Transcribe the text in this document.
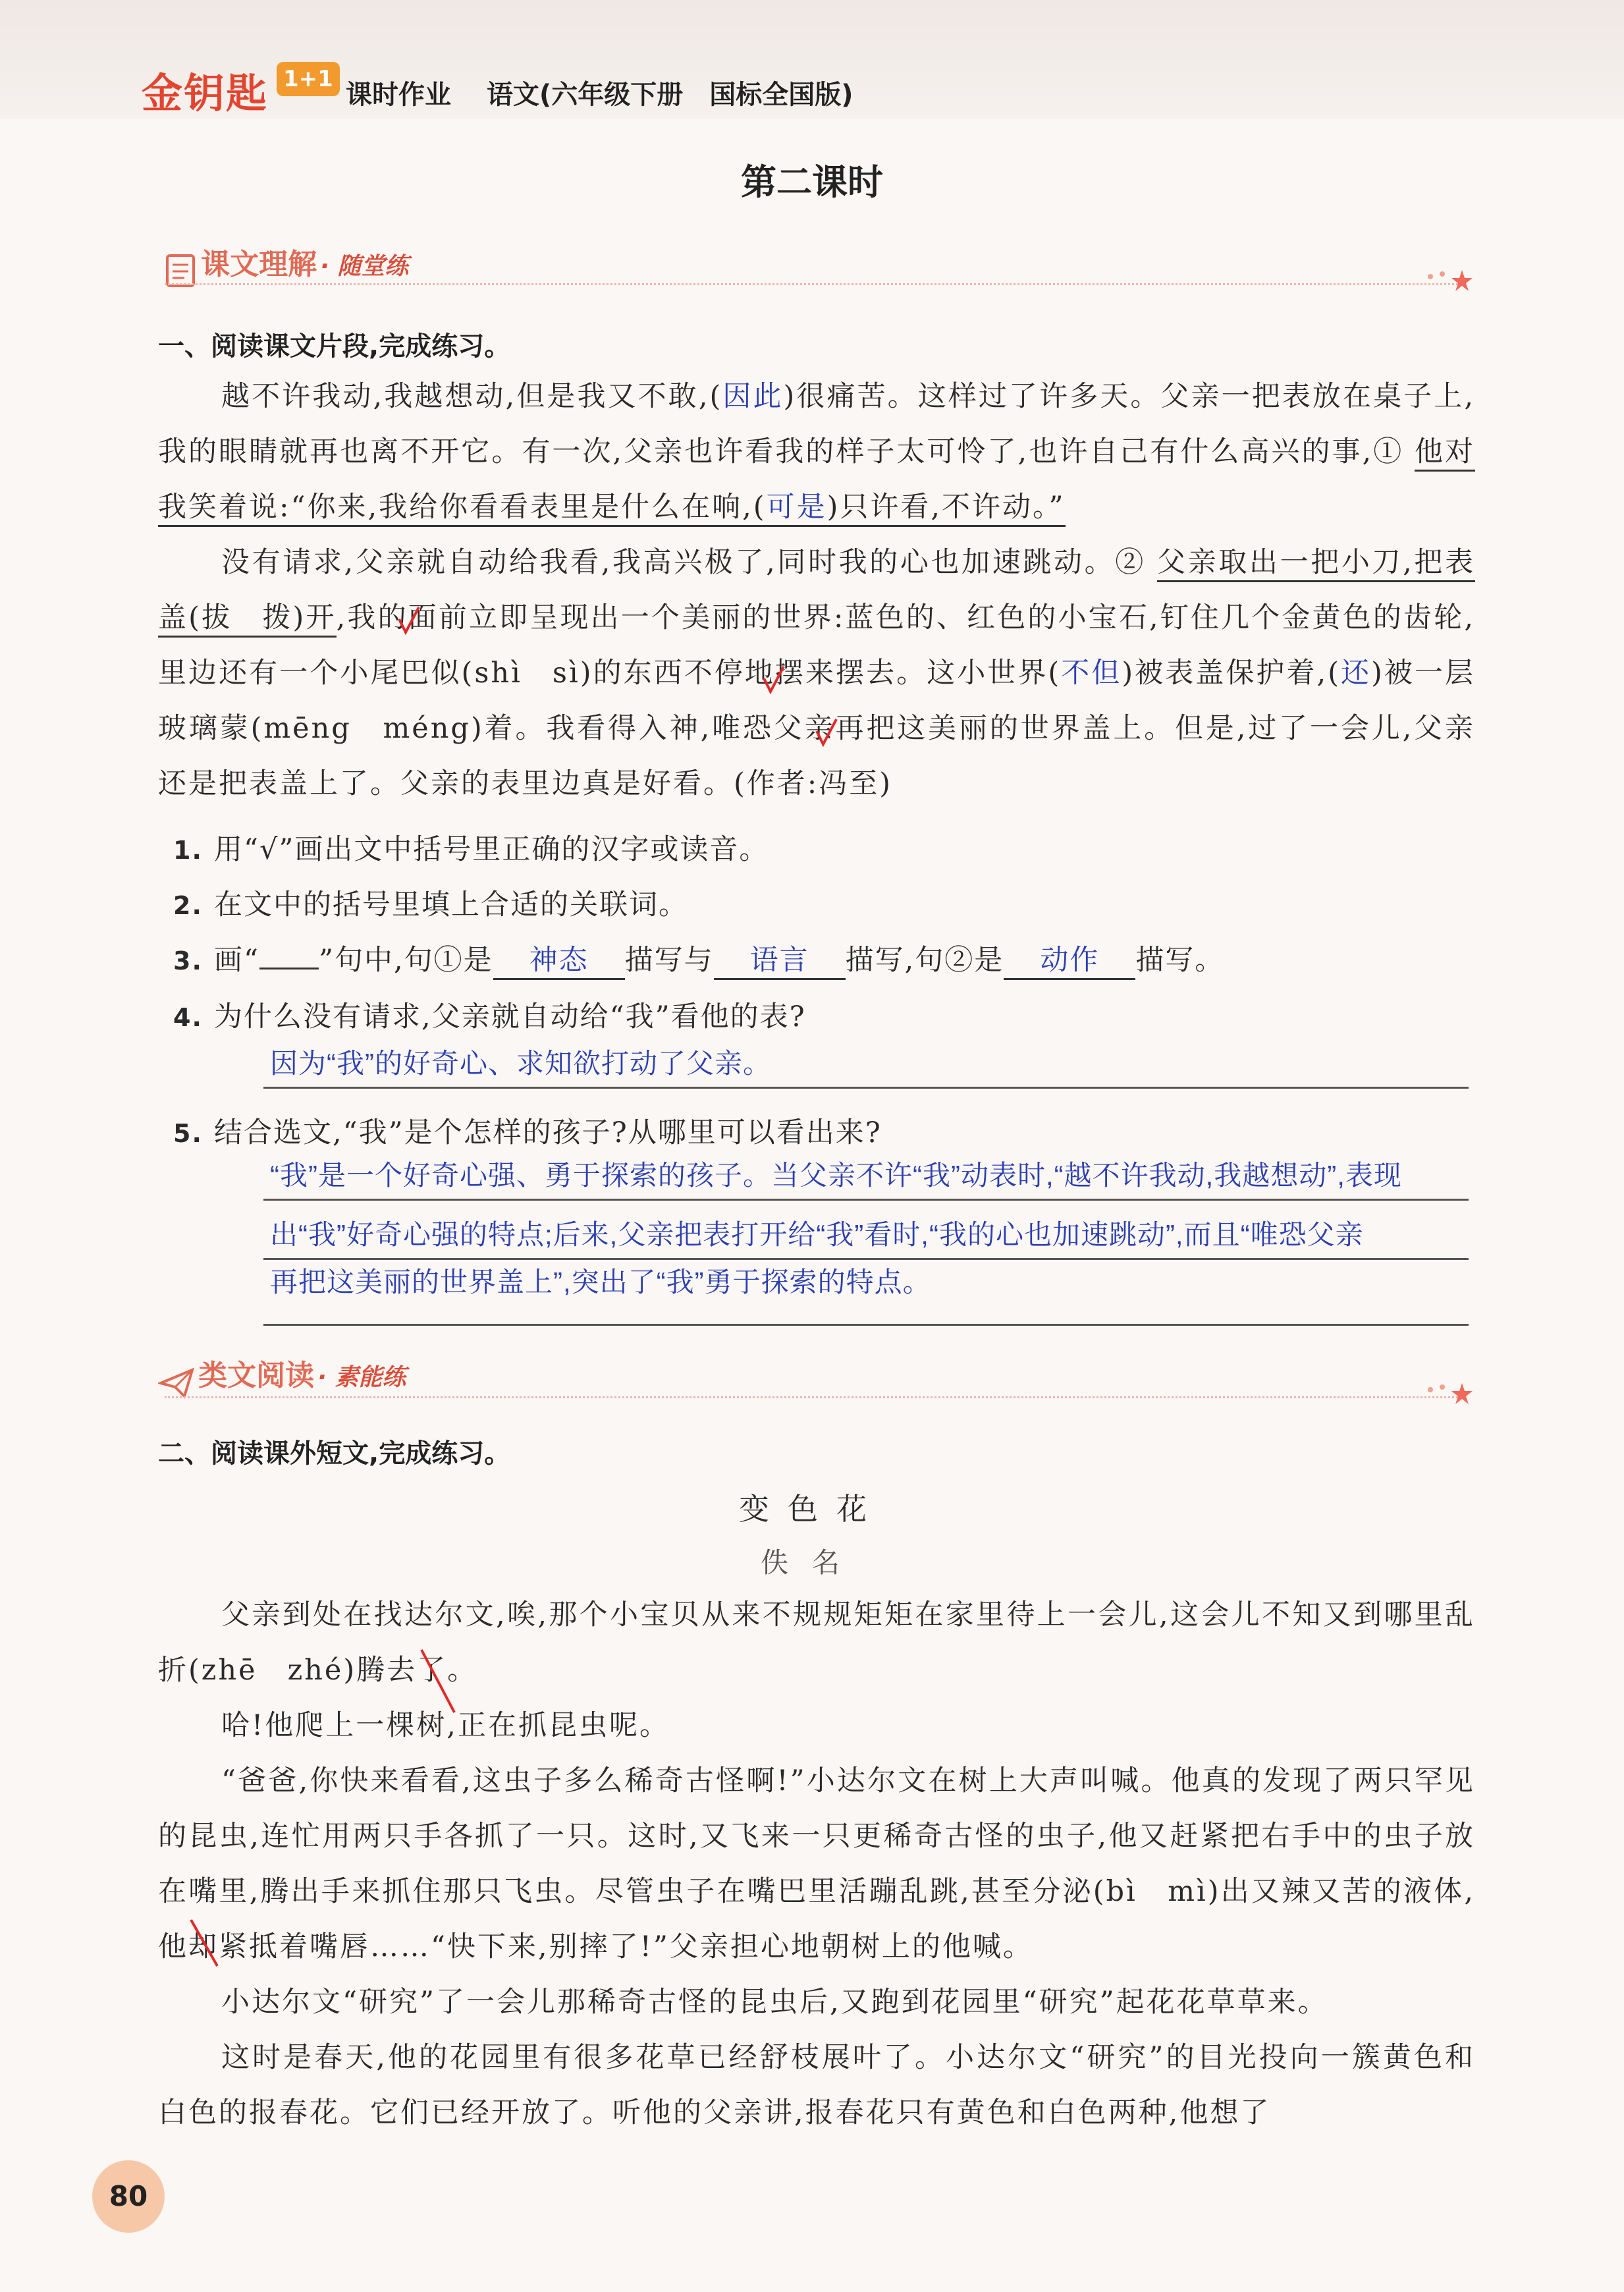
金钥匙 1+1
课时作业　 语文(六年级下册　国标全国版)
第二课时
课文理解 · 随堂练
一、阅读课文片段,完成练习。

越不许我动,我越想动,但是我又不敢,(因此)很痛苦。这样过了许多天。父亲一把表放在桌子上,我的眼睛就再也离不开它。有一次,父亲也许看我的样子太可怜了,也许自己有什么高兴的事,① 他对我笑着说:“你来,我给你看看表里是什么在响,(可是)只许看,不许动。”

没有请求,父亲就自动给我看,我高兴极了,同时我的心也加速跳动。② 父亲取出一把小刀,把表盖(拔　拨)开,我的面前立即呈现出一个美丽的世界:蓝色的、红色的小宝石,钉住几个金黄色的齿轮,里边还有一个小尾巴似(shì　sì)的东西不停地摆来摆去。这小世界(不但)被表盖保护着,(还)被一层玻璃蒙(mēng　méng)着。我看得入神,唯恐父亲再把这美丽的世界盖上。但是,过了一会儿,父亲还是把表盖上了。父亲的表里边真是好看。(作者:冯至)

1. 用“√”画出文中括号里正确的汉字或读音。
2. 在文中的括号里填上合适的关联词。
3. 画“ ”句中,句①是 神态 描写与 语言 描写,句②是 动作 描写。
4. 为什么没有请求,父亲就自动给“我”看他的表?
因为“我”的好奇心、求知欲打动了父亲。
5. 结合选文,“我”是个怎样的孩子?从哪里可以看出来?
“我”是一个好奇心强、勇于探索的孩子。当父亲不许“我”动表时,“越不许我动,我越想动”,表现
出“我”好奇心强的特点;后来,父亲把表打开给“我”看时,“我的心也加速跳动”,而且“唯恐父亲
再把这美丽的世界盖上”,突出了“我”勇于探索的特点。
类文阅读 · 素能练
二、阅读课外短文,完成练习。
变色花
佚名

父亲到处在找达尔文,唉,那个小宝贝从来不规规矩矩在家里待上一会儿,这会儿不知又到哪里乱折(zhē　zhé)腾去了。

哈!他爬上一棵树,正在抓昆虫呢。

“爸爸,你快来看看,这虫子多么稀奇古怪啊!”小达尔文在树上大声叫喊。他真的发现了两只罕见的昆虫,连忙用两只手各抓了一只。这时,又飞来一只更稀奇古怪的虫子,他又赶紧把右手中的虫子放在嘴里,腾出手来抓住那只飞虫。尽管虫子在嘴巴里活蹦乱跳,甚至分泌(bì　mì)出又辣又苦的液体,他却紧抵着嘴唇……“快下来,别摔了!”父亲担心地朝树上的他喊。

小达尔文“研究”了一会儿那稀奇古怪的昆虫后,又跑到花园里“研究”起花花草草来。

这时是春天,他的花园里有很多花草已经舒枝展叶了。小达尔文“研究”的目光投向一簇黄色和白色的报春花。它们已经开放了。听他的父亲讲,报春花只有黄色和白色两种,他想了

80
